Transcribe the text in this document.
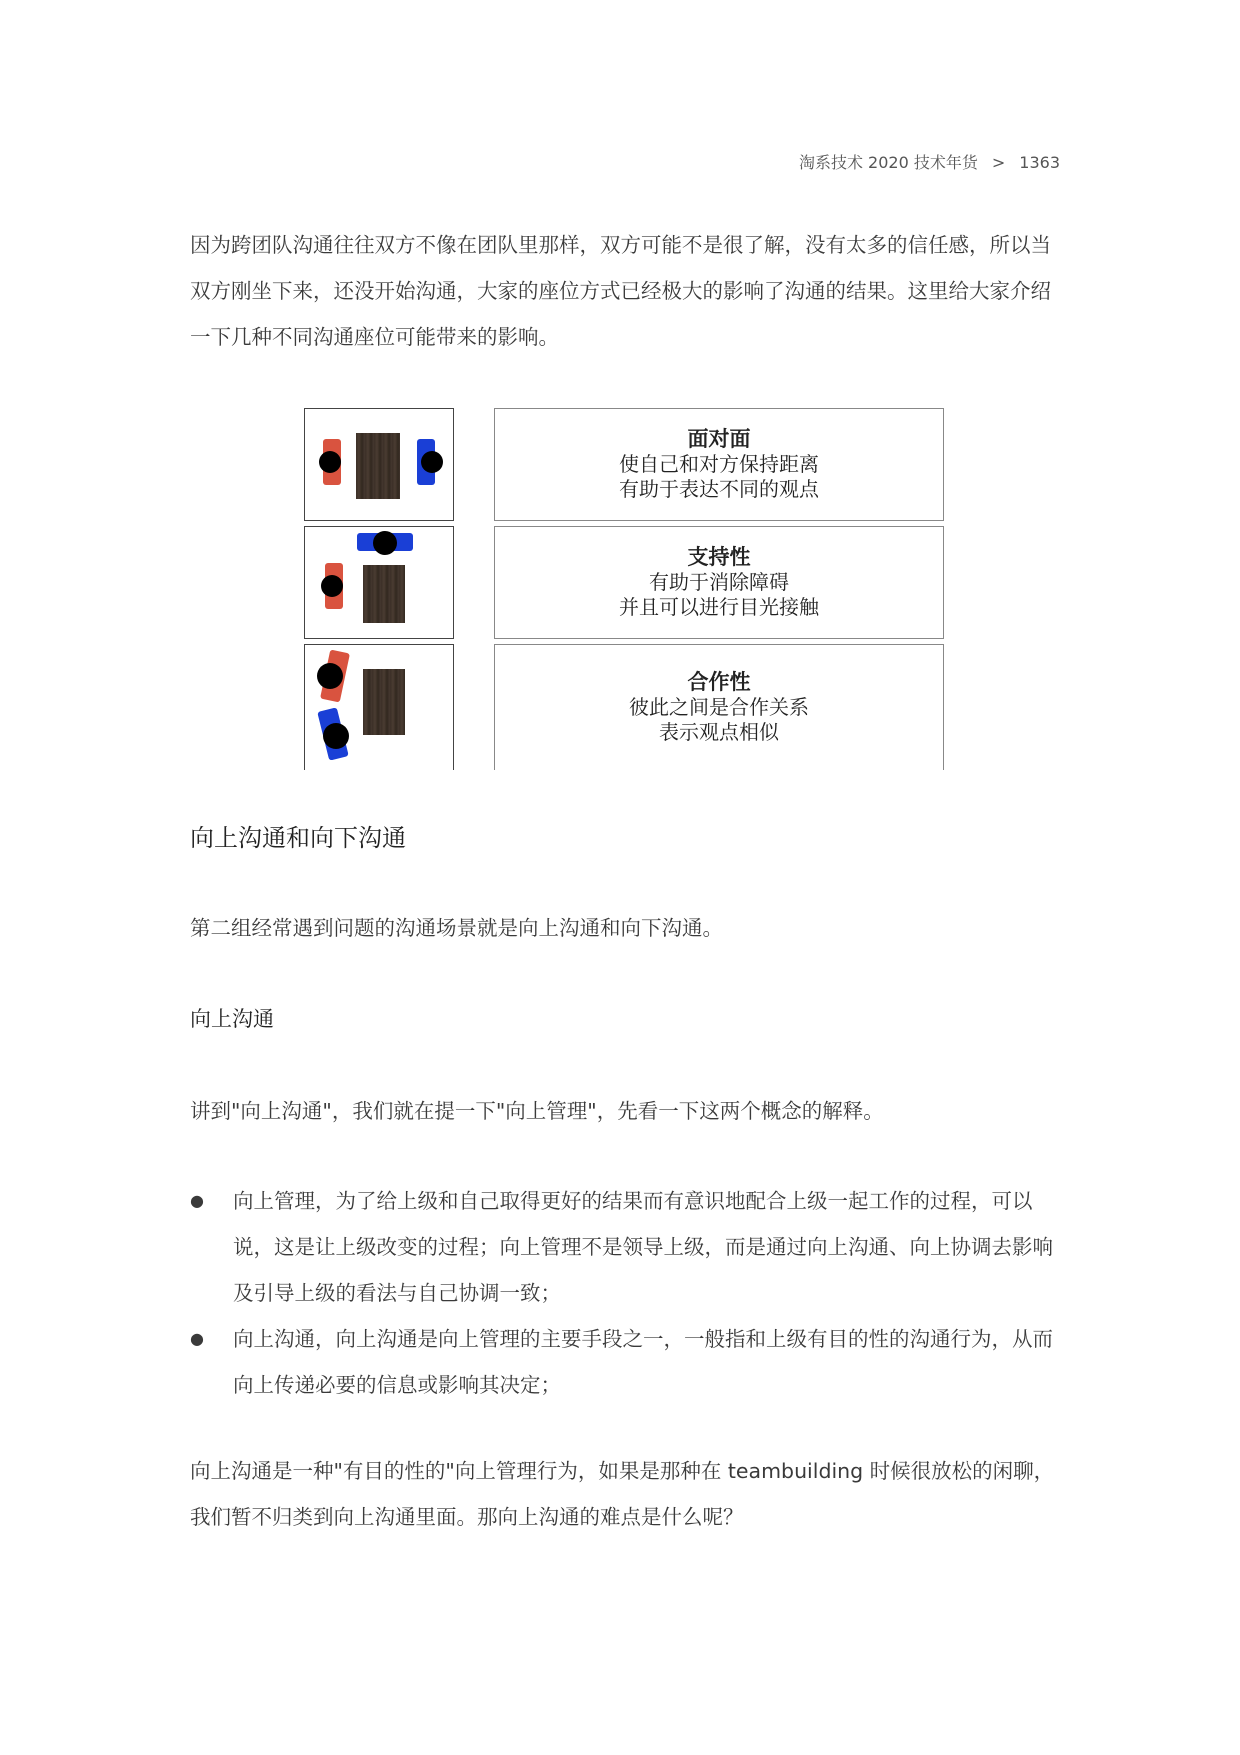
淘系技术 2020 技术年货 > 1363

因为跨团队沟通往往双方不像在团队里那样，双方可能不是很了解，没有太多的信任感，所以当双方刚坐下来，还没开始沟通，大家的座位方式已经极大的影响了沟通的结果。这里给大家介绍一下几种不同沟通座位可能带来的影响。

面对面
使自己和对方保持距离
有助于表达不同的观点
支持性
有助于消除障碍
并且可以进行目光接触
合作性
彼此之间是合作关系
表示观点相似
向上沟通和向下沟通

第二组经常遇到问题的沟通场景就是向上沟通和向下沟通。

向上沟通

讲到"向上沟通"，我们就在提一下"向上管理"，先看一下这两个概念的解释。

● 向上管理，为了给上级和自己取得更好的结果而有意识地配合上级一起工作的过程，可以说，这是让上级改变的过程；向上管理不是领导上级，而是通过向上沟通、向上协调去影响及引导上级的看法与自己协调一致；
● 向上沟通，向上沟通是向上管理的主要手段之一，一般指和上级有目的性的沟通行为，从而向上传递必要的信息或影响其决定；

向上沟通是一种"有目的性的"向上管理行为，如果是那种在 teambuilding 时候很放松的闲聊，我们暂不归类到向上沟通里面。那向上沟通的难点是什么呢？
